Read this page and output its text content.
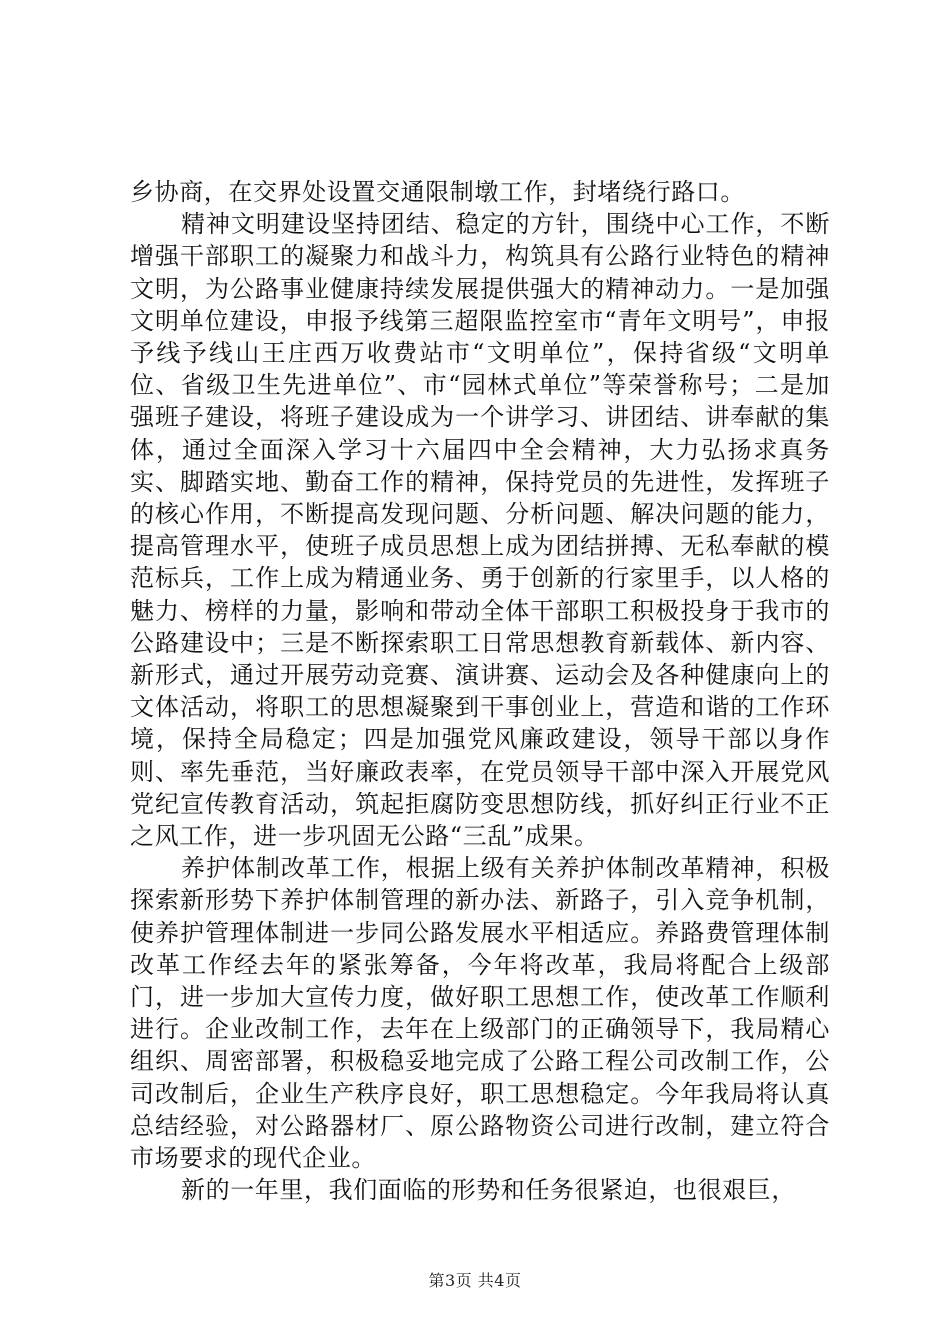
乡协商，在交界处设置交通限制墩工作，封堵绕行路口。

精神文明建设坚持团结、稳定的方针，围绕中心工作，不断增强干部职工的凝聚力和战斗力，构筑具有公路行业特色的精神文明，为公路事业健康持续发展提供强大的精神动力。一是加强文明单位建设，申报予线第三超限监控室市“青年文明号”，申报予线予线山王庄西万收费站市“文明单位”，保持省级“文明单位、省级卫生先进单位”、市“园林式单位”等荣誉称号；二是加强班子建设，将班子建设成为一个讲学习、讲团结、讲奉献的集体，通过全面深入学习十六届四中全会精神，大力弘扬求真务实、脚踏实地、勤奋工作的精神，保持党员的先进性，发挥班子的核心作用，不断提高发现问题、分析问题、解决问题的能力，提高管理水平，使班子成员思想上成为团结拼搏、无私奉献的模范标兵，工作上成为精通业务、勇于创新的行家里手，以人格的魅力、榜样的力量，影响和带动全体干部职工积极投身于我市的公路建设中；三是不断探索职工日常思想教育新载体、新内容、新形式，通过开展劳动竞赛、演讲赛、运动会及各种健康向上的文体活动，将职工的思想凝聚到干事创业上，营造和谐的工作环境，保持全局稳定；四是加强党风廉政建设，领导干部以身作则、率先垂范，当好廉政表率，在党员领导干部中深入开展党风党纪宣传教育活动，筑起拒腐防变思想防线，抓好纠正行业不正之风工作，进一步巩固无公路“三乱”成果。

养护体制改革工作，根据上级有关养护体制改革精神，积极探索新形势下养护体制管理的新办法、新路子，引入竞争机制，使养护管理体制进一步同公路发展水平相适应。养路费管理体制改革工作经去年的紧张筹备，今年将改革，我局将配合上级部门，进一步加大宣传力度，做好职工思想工作，使改革工作顺利进行。企业改制工作，去年在上级部门的正确领导下，我局精心组织、周密部署，积极稳妥地完成了公路工程公司改制工作，公司改制后，企业生产秩序良好，职工思想稳定。今年我局将认真总结经验，对公路器材厂、原公路物资公司进行改制，建立符合市场要求的现代企业。

新的一年里，我们面临的形势和任务很紧迫，也很艰巨，

第3页 共4页
